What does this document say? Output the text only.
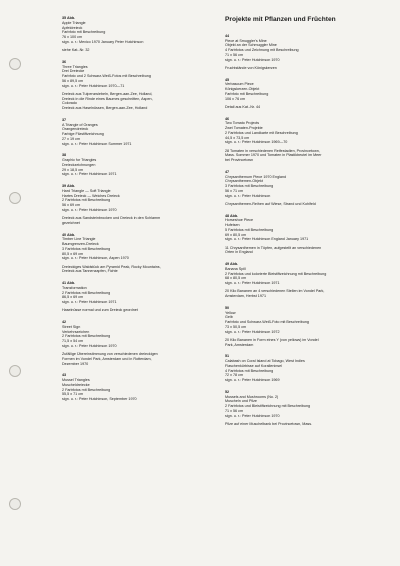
35 Abb.
Apple Triangle
Apfeldreieck
Farbfoto mit Beschreibung
76 x 100 cm
sign. u. r.: Mexico 1970 January Peter Hutchinson
siehe Kat.-Nr. 32
36
Three Triangles
Drei Dreiecke
Farbfoto und 2 Schwarz-Weiß-Fotos mit Beschreibung
56 x 89,5 cm
sign. u. r.: Peter Hutchinson 1970—71
Dreieck aus Tulpenzwiebeln, Bergen-aan-Zee, Holland,
Dreieck in die Rinde eines Baumes geschnitten, Aspen,
Colorado
Dreieck aus Haselnüssen, Bergen-aan-Zee, Holland
37
A Triangle of Oranges
Orangendreieck
Farbige Filzstiftzeichnung
27 x 19 cm
sign. u. r.: Peter Hutchinson Summer 1971
38
Graphic for Triangles
Dreieckzeichnungen
29 x 18,5 cm
sign. u. r.: Peter Hutchinson 1971
39 Abb.
Hard Triangle — Soft Triangle
Hartes Dreieck — Weiches Dreieck
2 Farbfotos mit Beschreibung
56 x 69 cm
sign. u. r.: Peter Hutchinson 1970
Dreieck aus Sandsteinbrocken und Dreieck in den Schlamm
gezeichnet
40 Abb.
Timber Line Triangle
Baumgrenzen-Dreieck
3 Farbfotos mit Beschreibung
80,5 x 69 cm
sign. u. r.: Peter Hutchinson, Aspen 1970
Dreieckiges Waldstück am Pyramid Peak, Rocky Mountains,
Dreieck aus Tannenzapfen, Fichte
41 Abb.
Transformation
2 Farbfotos mit Beschreibung
86,5 x 69 cm
sign. u. r.: Peter Hutchinson 1971
Haselnüsse normal und zum Dreieck geordnet
42
Street Sign
Verkehrszeichen
2 Farbfotos mit Beschreibung
71,5 x 54 cm
sign. u. r.: Peter Hutchinson 1970
Zufällige Übereinstimmung von verschiedenen dreieckigen
Formen im Vondel Park, Amsterdam und in Rotterdam,
Dezember 1970
43
Mussel Triangles
Muscheldreiecke
2 Farbfotos mit Beschreibung
55,5 x 71 cm
sign. u. r.: Peter Hutchinson, September 1970
Projekte mit Pflanzen und Früchten
44
Piece at Smuggler's Mine
Objekt an der Schmuggler Mine
4 Farbfotos und Zeichnung mit Beschreibung
71 x 56 cm
sign. u. r.: Peter Hutchinson 1970
Fruchtstände von Königskerzen
45
Verbascum Piece
Königskerzen-Objekt
Farbfoto mit Beschreibung
106 x 76 cm
Detail aus Kat.-Nr. 44
46
Two Tomato Projects
Zwei Tomaten-Projekte
2 Farbfotos und Landkarte mit Beschreibung
44,5 x 73,5 cm
sign. u. r.: Peter Hutchinson 1969—70
28 Tomaten in verschiedenen Reifestadien, Provincetown,
Mass. Sommer 1970 und Tomaten in Plastikbeutel im Meer
bei Provincetown
47
Chrysanthemum Piece 1970 England
Chrysanthemen-Objekt
3 Farbfotos mit Beschreibung
56 x 71 cm
sign. u. r.: Peter Hutchinson
Chrysanthemen-Reihen auf Wiese, Strand und Kohlfeld
48 Abb.
Horseshoe Piece
Hufeisen
5 Farbfotos mit Beschreibung
69 x 80,5 cm
sign. u. r.: Peter Hutchinson England January 1971
11 Chrysanthemen in Töpfen, aufgestellt an verschiedenen
Orten in England
49 Abb.
Banana Spill
2 Farbfotos und kolorierte Bleistiftzeichnung mit Beschreibung
68 x 80,5 cm
sign. u. r.: Peter Hutchinson 1971
20 Kilo Bananen an 4 verschiedenen Stellen im Vondel Park,
Amsterdam, Herbst 1971
50
Yellow
Gelb
Farbfoto und Schwarz-Weiß-Foto mit Beschreibung
73 x 50,5 cm
sign. u. r.: Peter Hutchinson 1972
20 Kilo Bananen in Form eines Y (von yellows) im Vondel
Park, Amsterdam
51
Calabash on Coral Island at Tobago, West Indies
Flaschenkürbisse auf Koralleninsel
4 Farbfotos mit Beschreibung
72 x 78 cm
sign. u. r.: Peter Hutchinson 1969
52
Mussels and Mushrooms (No. 2)
Muscheln und Pilze
2 Farbfotos und Bleistiftzeichnung mit Beschreibung
71 x 56 cm
sign. u. r.: Peter Hutchinson 1970
Pilze auf einer Muschelbank bei Provincetown, Mass.
